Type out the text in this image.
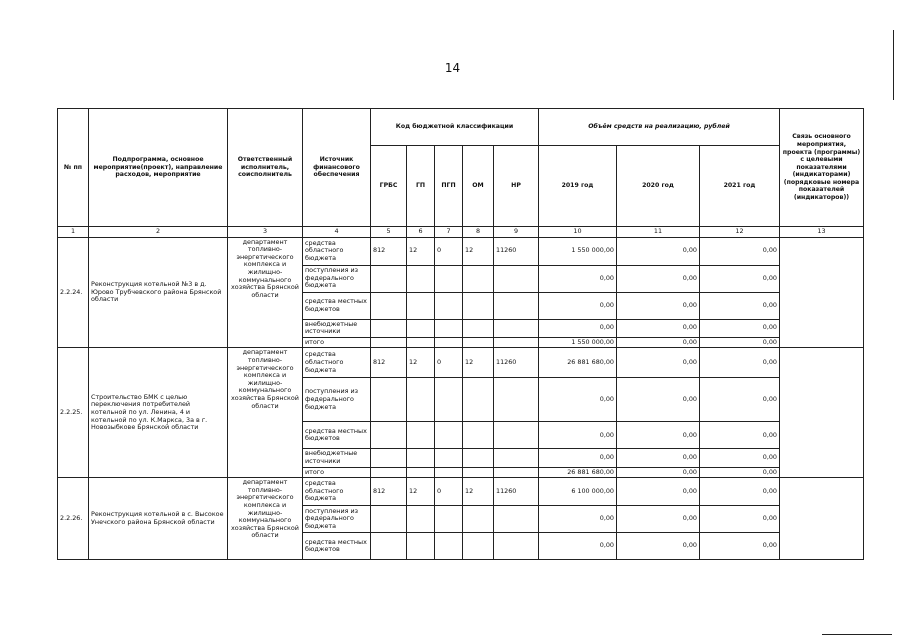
14
№ пп	Подпрограмма, основное мероприятие(проект), направление расходов, мероприятие	Ответственный исполнитель, соисполнитель	Источник финансового обеспечения	Код бюджетной классификации					Объём средств на реализацию, рублей			Связь основного мероприятия, проекта (программы) с целевыми показателями (индикаторами) (порядковые номера показателей (индикаторов))
				ГРБС	ГП	ПГП	ОМ	НР	2019 год	2020 год	2021 год	
1	2	3	4	5	6	7	8	9	10	11	12	13
2.2.24.	Реконструкция котельной №3 в д. Юрово Трубчевского района Брянской области	департамент топливно-энергетического комплекса и жилищно-коммунального хозяйства Брянской области	средства областного бюджета	812	12	0	12	11260	1 550 000,00	0,00	0,00	
			поступления из федерального бюджета						0,00	0,00	0,00	
			средства местных бюджетов						0,00	0,00	0,00	
			внебюджетные источники						0,00	0,00	0,00	
			итого						1 550 000,00	0,00	0,00	
2.2.25.	Строительство БМК с целью переключения потребителей котельной по ул. Ленина, 4 и котельной по ул. К.Маркса, 3а в г. Новозыбкове Брянской области	департамент топливно-энергетического комплекса и жилищно-коммунального хозяйства Брянской области	средства областного бюджета	812	12	0	12	11260	26 881 680,00	0,00	0,00	
			поступления из федерального бюджета						0,00	0,00	0,00	
			средства местных бюджетов						0,00	0,00	0,00	
			внебюджетные источники						0,00	0,00	0,00	
			итого						26 881 680,00	0,00	0,00	
2.2.26.	Реконструкция котельной в с. Высокое Унечского района Брянской области	департамент топливно-энергетического комплекса и жилищно-коммунального хозяйства Брянской области	средства областного бюджета	812	12	0	12	11260	6 100 000,00	0,00	0,00	
			поступления из федерального бюджета						0,00	0,00	0,00	
			средства местных бюджетов						0,00	0,00	0,00	
